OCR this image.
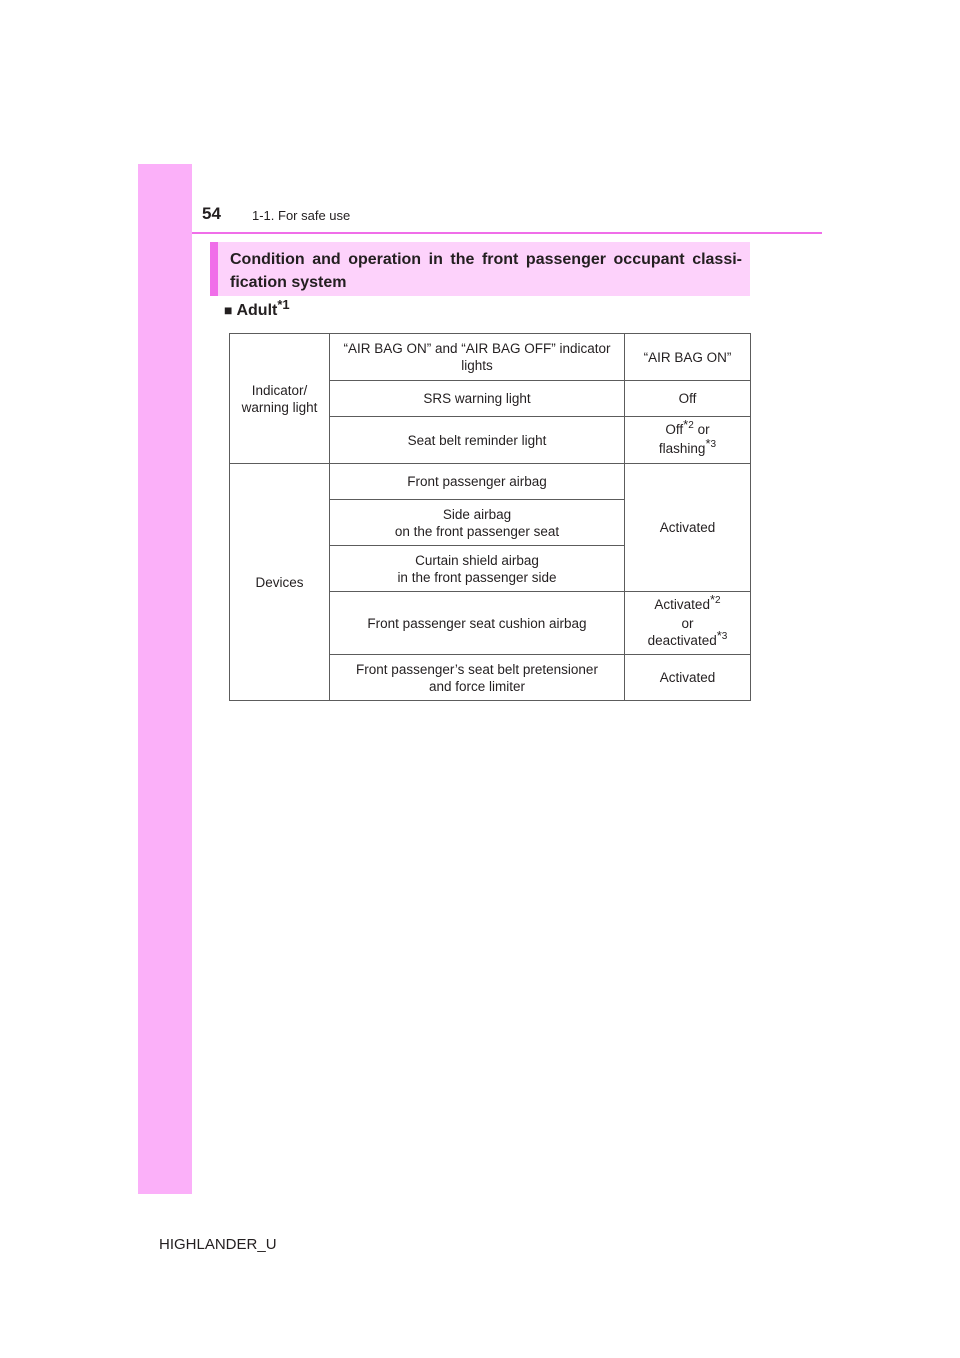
54 1-1. For safe use
Condition and operation in the front passenger occupant classi-
fication system
■ Adult$^{*1}$
Indicator/ warning light	“AIR BAG ON” and “AIR BAG OFF” indicator lights	“AIR BAG ON”
	SRS warning light	Off
	Seat belt reminder light	Off*$^2$ or
flashing*$^3$
Devices	Front passenger airbag	Activated
	Side airbag
on the front passenger seat	
	Curtain shield airbag
in the front passenger side	
	Front passenger seat cushion airbag	Activated*$^2$
or
deactivated*$^3$
	Front passenger’s seat belt pretensioner
and force limiter	Activated
HIGHLANDER_U
